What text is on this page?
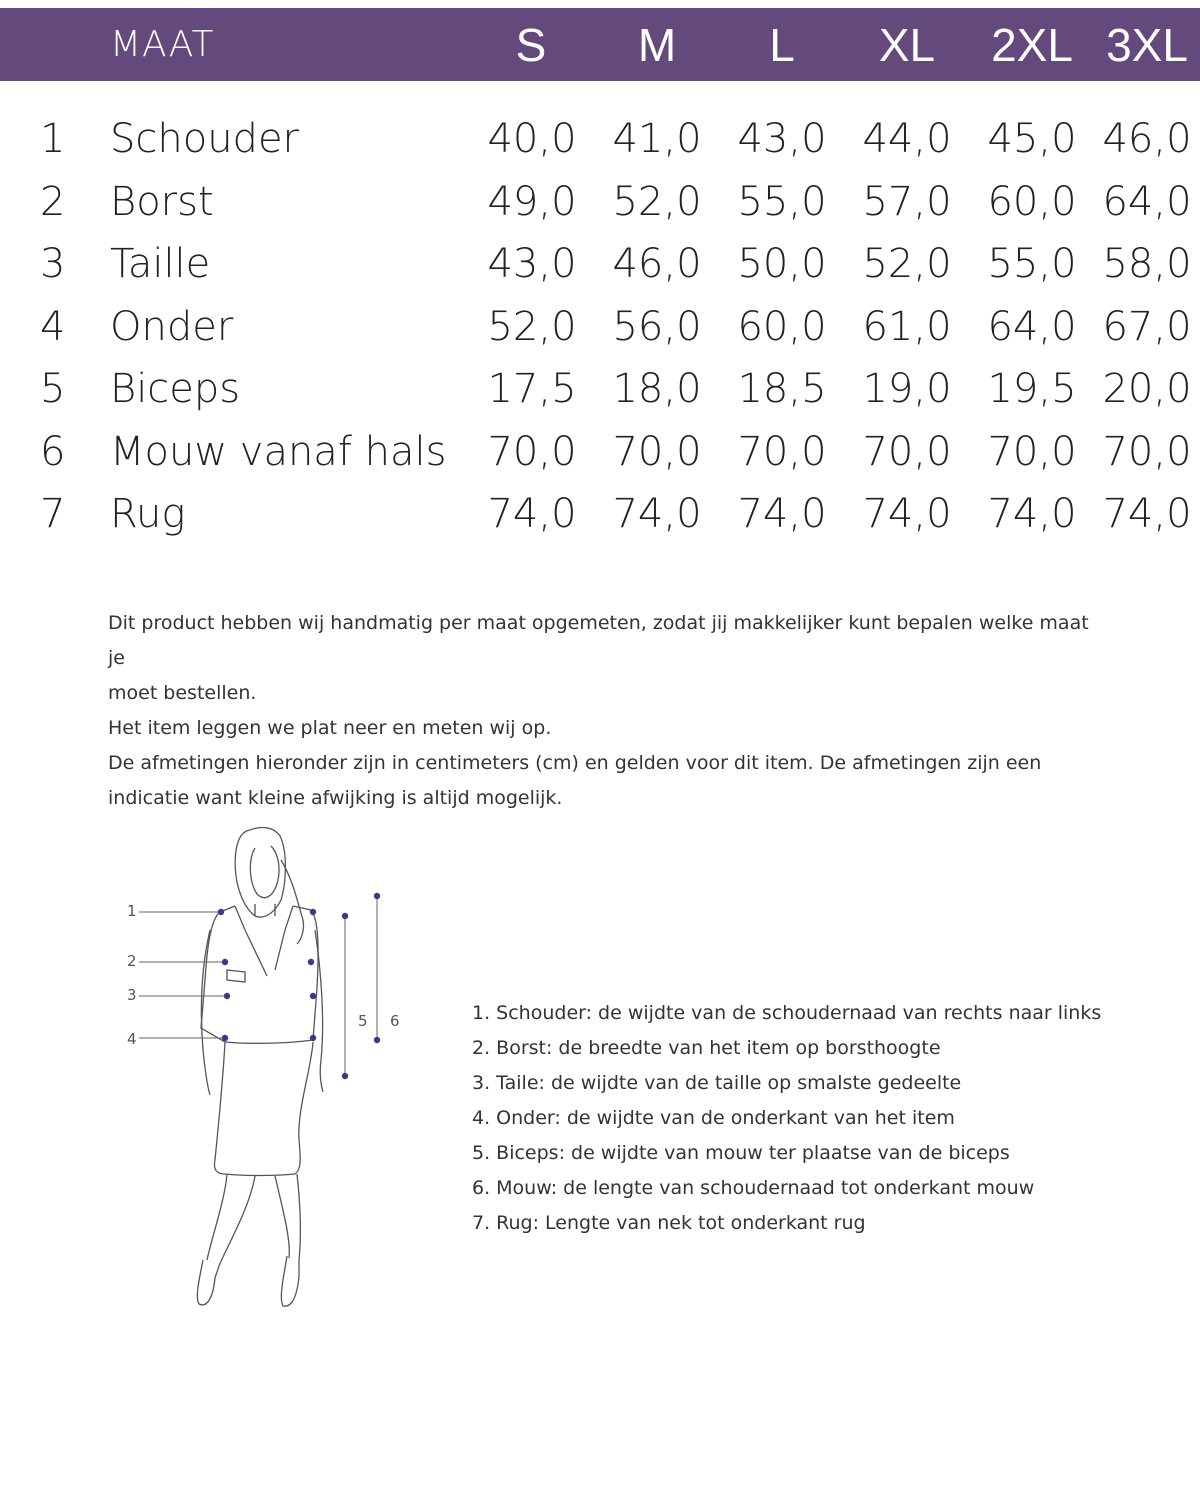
MAAT	S	M	L	XL	2XL 3XL
1 Schouder	40,0 41,0 43,0 44,0 45,0 46,0
2 Borst	49,0 52,0 55,0 57,0 60,0 64,0
3 Taille	43,0 46,0 50,0 52,0 55,0 58,0
4 Onder	52,0 56,0 60,0 61,0 64,0 67,0
5 Biceps	17,5 18,0 18,5 19,0 19,5 20,0
6 Mouw vanaf hals	70,0 70,0 70,0 70,0 70,0 70,0
7 Rug	74,0 74,0 74,0 74,0 74,0 74,0

Dit product hebben wij handmatig per maat opgemeten, zodat jij makkelijker kunt bepalen welke maat je

moet bestellen.

Het item leggen we plat neer en meten wij op.

De afmetingen hieronder zijn in centimeters (cm) en gelden voor dit item. De afmetingen zijn een

indicatie want kleine afwijking is altijd mogelijk.

1
2
3
4
5 6	1. Schouder: de wijdte van de schoudernaad van rechts naar links

2. Borst: de breedte van het item op borsthoogte

3. Taile: de wijdte van de taille op smalste gedeelte

4. Onder: de wijdte van de onderkant van het item

5. Biceps: de wijdte van mouw ter plaatse van de biceps

6. Mouw: de lengte van schoudernaad tot onderkant mouw

7. Rug: Lengte van nek tot onderkant rug
